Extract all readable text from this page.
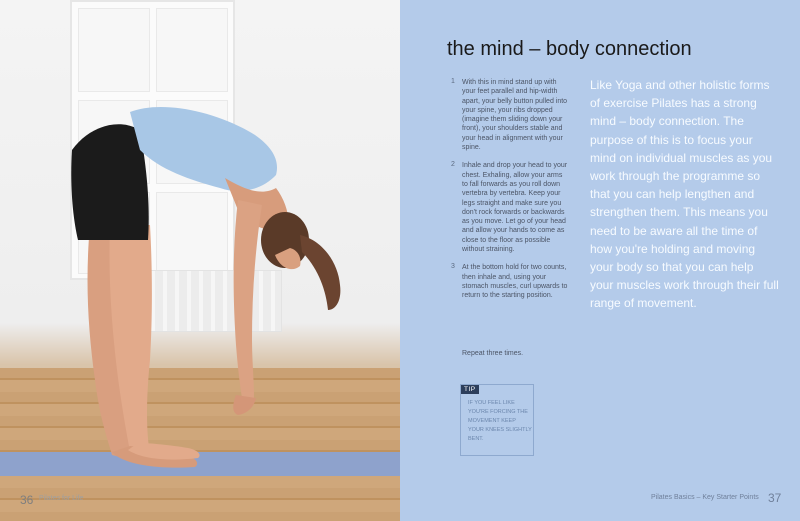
36 Pilates for Life
the mind – body connection
1 With this in mind stand up with your feet parallel and hip-width apart, your belly button pulled into your spine, your ribs dropped (imagine them sliding down your front), your shoulders stable and your head in alignment with your spine.
2 Inhale and drop your head to your chest. Exhaling, allow your arms to fall forwards as you roll down vertebra by vertebra. Keep your legs straight and make sure you don't rock forwards or backwards as you move. Let go of your head and allow your hands to come as close to the floor as possible without straining.
3 At the bottom hold for two counts, then inhale and, using your stomach muscles, curl upwards to return to the starting position.
Repeat three times.
Like Yoga and other holistic forms of exercise Pilates has a strong mind – body connection. The purpose of this is to focus your mind on individual muscles as you work through the programme so that you can help lengthen and strengthen them. This means you need to be aware all the time of how you're holding and moving your body so that you can help your muscles work through their full range of movement.
TIP
IF YOU FEEL LIKE YOU'RE FORCING THE MOVEMENT KEEP YOUR KNEES SLIGHTLY BENT.
Pilates Basics – Key Starter Points 37
